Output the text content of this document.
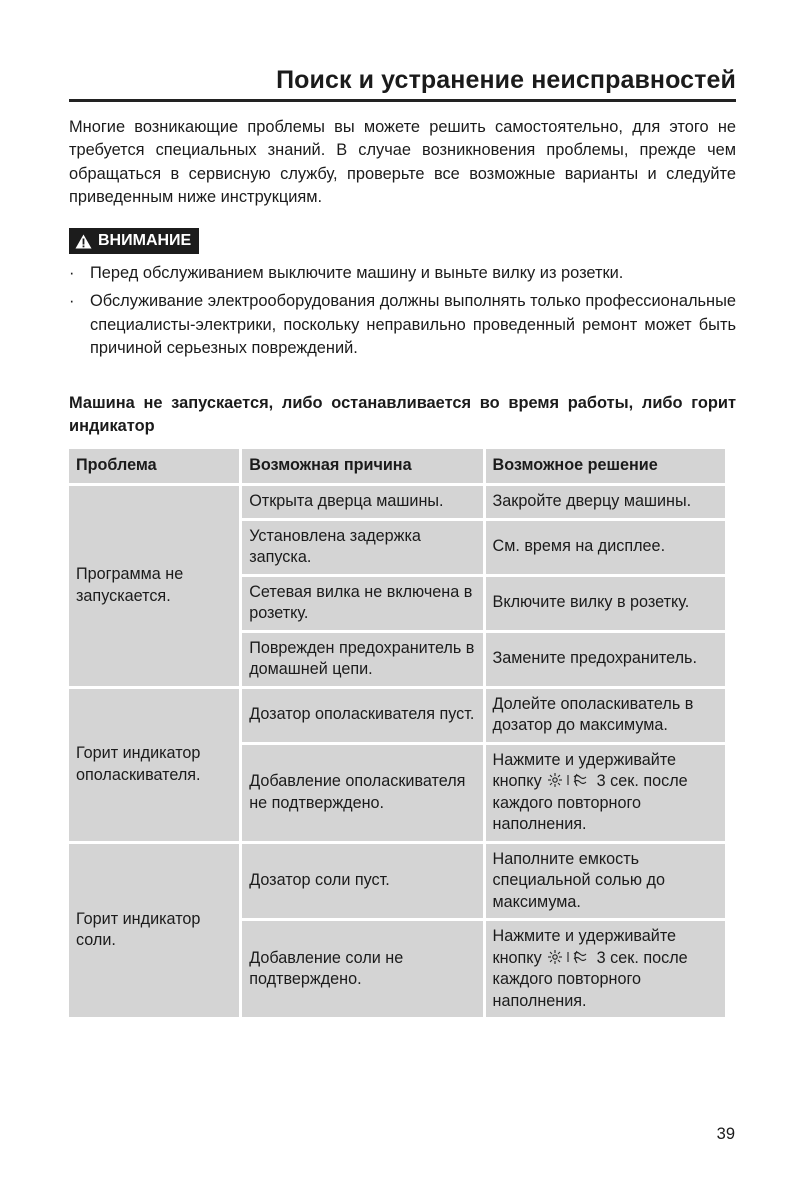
Поиск и устранение неисправностей
Многие возникающие проблемы вы можете решить самостоятельно, для этого не требуется специальных знаний. В случае возникновения проблемы, прежде чем обращаться в сервисную службу, проверьте все возможные варианты и следуйте приведенным ниже инструкциям.
ВНИМАНИЕ
· Перед обслуживанием выключите машину и выньте вилку из розетки.
· Обслуживание электрооборудования должны выполнять только профессиональные специалисты-электрики, поскольку неправильно проведенный ремонт может быть причиной серьезных повреждений.
Машина не запускается, либо останавливается во время работы, либо горит индикатор
Проблема	Возможная причина	Возможное решение
Программа не запускается.	Открыта дверца машины.	Закройте дверцу машины.
	Установлена задержка запуска.	См. время на дисплее.
	Сетевая вилка не включена в розетку.	Включите вилку в розетку.
	Поврежден предохранитель в домашней цепи.	Замените предохранитель.
Горит индикатор ополаскивателя.	Дозатор ополаскивателя пуст.	Долейте ополаскиватель в дозатор до максимума.
	Добавление ополаскивателя не подтверждено.	Нажмите и удерживайте кнопку 3 сек. после каждого повторного наполнения.
Горит индикатор соли.	Дозатор соли пуст.	Наполните емкость специальной солью до максимума.
	Добавление соли не подтверждено.	Нажмите и удерживайте кнопку 3 сек. после каждого повторного наполнения.
39
